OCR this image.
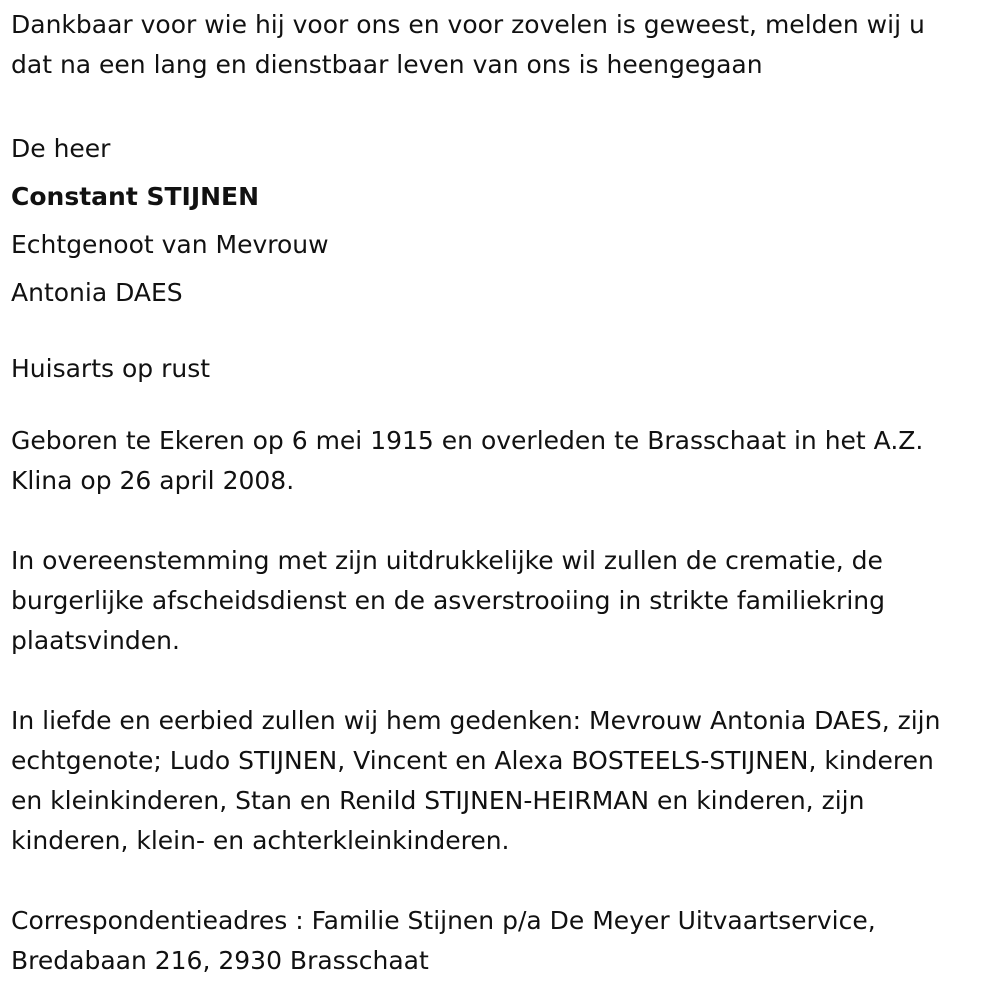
Dankbaar voor wie hij voor ons en voor zovelen is geweest, melden wij u

dat na een lang en dienstbaar leven van ons is heengegaan

De heer

Constant STIJNEN

Echtgenoot van Mevrouw

Antonia DAES

Huisarts op rust

Geboren te Ekeren op 6 mei 1915 en overleden te Brasschaat in het A.Z.

Klina op 26 april 2008.

In overeenstemming met zijn uitdrukkelijke wil zullen de crematie, de

burgerlijke afscheidsdienst en de asverstrooiing in strikte familiekring

plaatsvinden.

In liefde en eerbied zullen wij hem gedenken: Mevrouw Antonia DAES, zijn

echtgenote; Ludo STIJNEN, Vincent en Alexa BOSTEELS-STIJNEN, kinderen

en kleinkinderen, Stan en Renild STIJNEN-HEIRMAN en kinderen, zijn

kinderen, klein- en achterkleinkinderen.

Correspondentieadres : Familie Stijnen p/a De Meyer Uitvaartservice,

Bredabaan 216, 2930 Brasschaat
